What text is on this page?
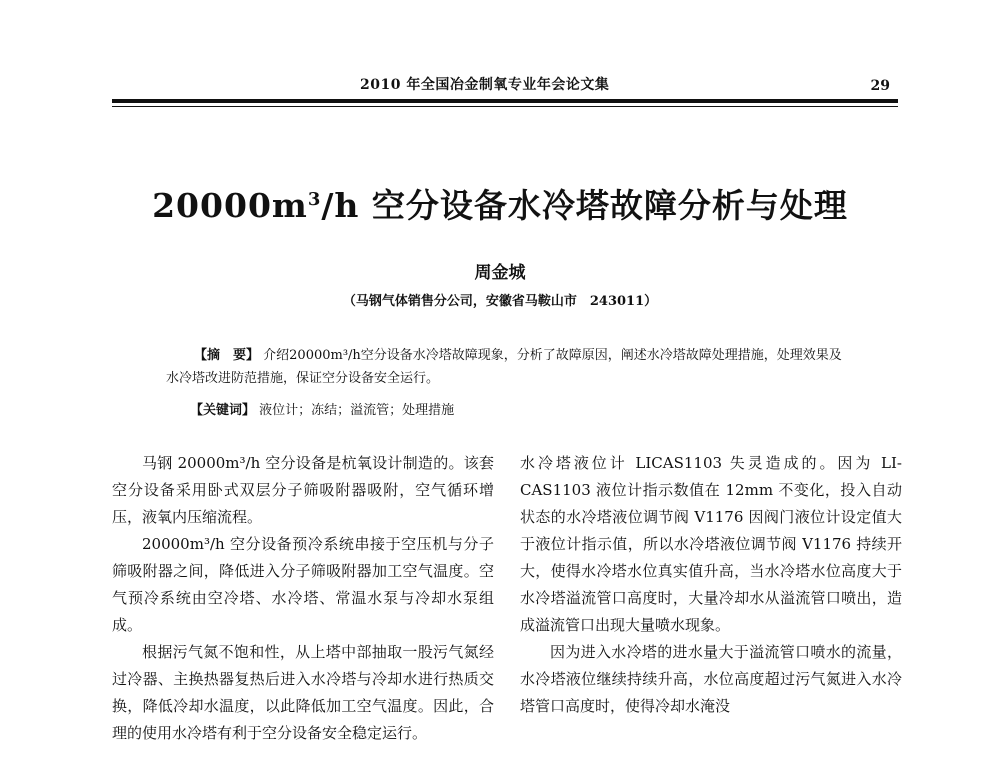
2010 年全国冶金制氧专业年会论文集	29
$20000m^3/h$ 空分设备水冷塔故障分析与处理
周金城
（马钢气体销售分公司，安徽省马鞍山市　243011）
【摘　要】 介绍20000m³/h空分设备水冷塔故障现象，分析了故障原因，阐述水冷塔故障处理措施，处理效果及水冷塔改进防范措施，保证空分设备安全运行。
【关键词】 液位计；冻结；溢流管；处理措施

马钢 20000m³/h 空分设备是杭氧设计制造的。该套空分设备采用卧式双层分子筛吸附器吸附，空气循环增压，液氧内压缩流程。

20000m³/h 空分设备预冷系统串接于空压机与分子筛吸附器之间，降低进入分子筛吸附器加工空气温度。空气预冷系统由空冷塔、水冷塔、常温水泵与冷却水泵组成。

根据污气氮不饱和性，从上塔中部抽取一股污气氮经过冷器、主换热器复热后进入水冷塔与冷却水进行热质交换，降低冷却水温度，以此降低加工空气温度。因此，合理的使用水冷塔有利于空分设备安全稳定运行。

水冷塔液位计 LICAS1103 失灵造成的。因为 LI-CAS1103 液位计指示数值在 12mm 不变化，投入自动状态的水冷塔液位调节阀 V1176 因阀门液位计设定值大于液位计指示值，所以水冷塔液位调节阀 V1176 持续开大，使得水冷塔水位真实值升高，当水冷塔水位高度大于水冷塔溢流管口高度时，大量冷却水从溢流管口喷出，造成溢流管口出现大量喷水现象。

因为进入水冷塔的进水量大于溢流管口喷水的流量，水冷塔液位继续持续升高，水位高度超过污气氮进入水冷塔管口高度时，使得冷却水淹没
